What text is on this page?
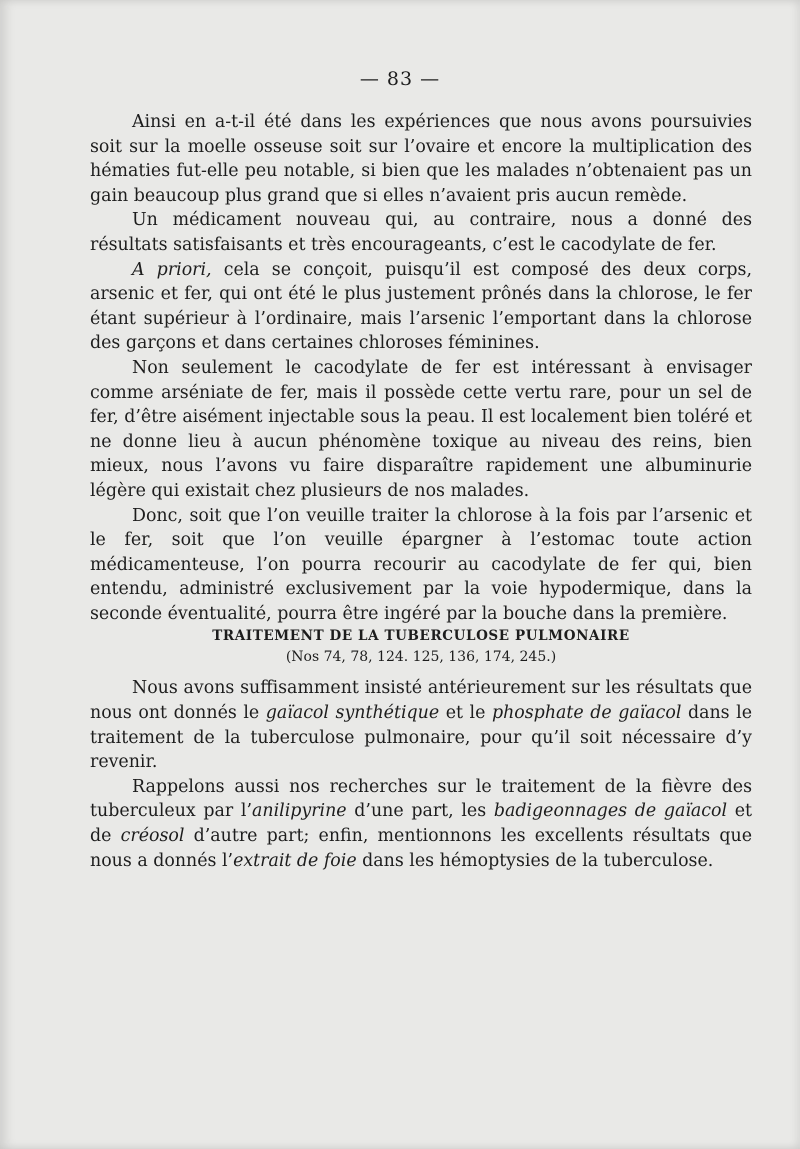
— 83 —

Ainsi en a-t-il été dans les expériences que nous avons poursuivies soit sur la moelle osseuse soit sur l’ovaire et encore la multiplication des hématies fut-elle peu notable, si bien que les malades n’obtenaient pas un gain beaucoup plus grand que si elles n’avaient pris aucun remède.

Un médicament nouveau qui, au contraire, nous a donné des résultats satisfaisants et très encourageants, c’est le cacodylate de fer.

A priori, cela se conçoit, puisqu’il est composé des deux corps, arsenic et fer, qui ont été le plus justement prônés dans la chlorose, le fer étant supérieur à l’ordinaire, mais l’arsenic l’emportant dans la chlorose des garçons et dans certaines chloroses féminines.

Non seulement le cacodylate de fer est intéressant à envisager comme arséniate de fer, mais il possède cette vertu rare, pour un sel de fer, d’être aisément injectable sous la peau. Il est localement bien toléré et ne donne lieu à aucun phénomène toxique au niveau des reins, bien mieux, nous l’avons vu faire disparaître rapidement une albuminurie légère qui existait chez plusieurs de nos malades.

Donc, soit que l’on veuille traiter la chlorose à la fois par l’arsenic et le fer, soit que l’on veuille épargner à l’estomac toute action médicamenteuse, l’on pourra recourir au cacodylate de fer qui, bien entendu, administré exclusivement par la voie hypodermique, dans la seconde éventualité, pourra être ingéré par la bouche dans la première.

TRAITEMENT DE LA TUBERCULOSE PULMONAIRE

(Nos 74, 78, 124. 125, 136, 174, 245.)

Nous avons suffisamment insisté antérieurement sur les résultats que nous ont donnés le gaïacol synthétique et le phosphate de gaïacol dans le traitement de la tuberculose pulmonaire, pour qu’il soit nécessaire d’y revenir.

Rappelons aussi nos recherches sur le traitement de la fièvre des tuberculeux par l’anilipyrine d’une part, les badigeonnages de gaïacol et de créosol d’autre part; enfin, mentionnons les excellents résultats que nous a donnés l’extrait de foie dans les hémoptysies de la tuberculose.
